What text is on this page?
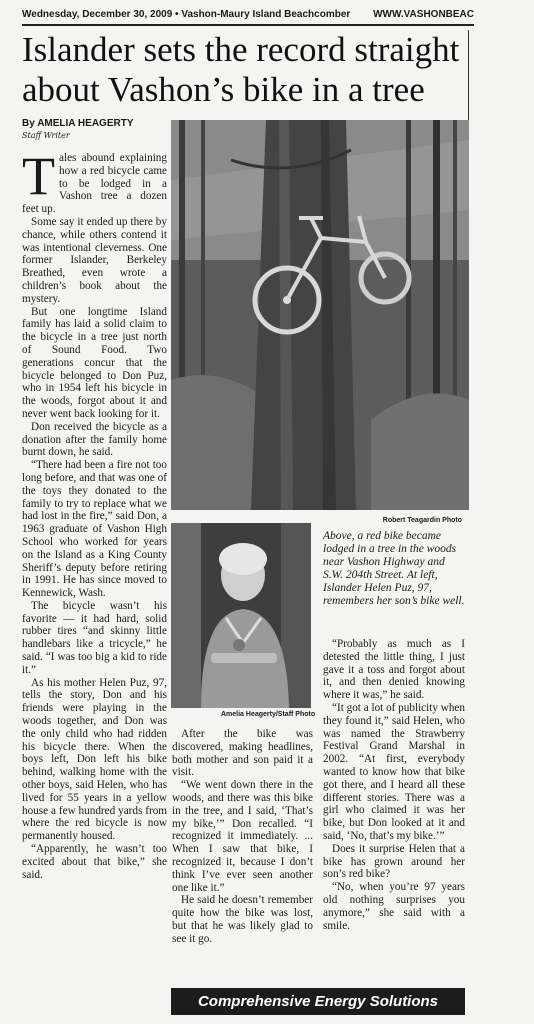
Wednesday, December 30, 2009 • Vashon-Maury Island Beachcomber WWW.VASHONBEAC
Islander sets the record straight about Vashon’s bike in a tree
By AMELIA HEAGERTY
Staff Writer
Robert Teagardin Photo
Amelia Heagerty/Staff Photo
Above, a red bike became lodged in a tree in the woods near Vashon Highway and S.W. 204th Street. At left, Islander Helen Puz, 97, remembers her son’s bike well.

Tales abound explaining how a red bicycle came to be lodged in a Vashon tree a dozen feet up.

Some say it ended up there by chance, while others contend it was intentional cleverness. One former Islander, Berkeley Breathed, even wrote a children’s book about the mystery.

But one longtime Island family has laid a solid claim to the bicycle in a tree just north of Sound Food. Two generations concur that the bicycle belonged to Don Puz, who in 1954 left his bicycle in the woods, forgot about it and never went back looking for it.

Don received the bicycle as a donation after the family home burnt down, he said.

“There had been a fire not too long before, and that was one of the toys they donated to the family to try to replace what we had lost in the fire,” said Don, a 1963 graduate of Vashon High School who worked for years on the Island as a King County Sheriff’s deputy before retiring in 1991. He has since moved to Kennewick, Wash.

The bicycle wasn’t his favorite — it had hard, solid rubber tires “and skinny little handlebars like a tricycle,” he said. “I was too big a kid to ride it.”

As his mother Helen Puz, 97, tells the story, Don and his friends were playing in the woods together, and Don was the only child who had ridden his bicycle there. When the boys left, Don left his bike behind, walking home with the other boys, said Helen, who has lived for 55 years in a yellow house a few hundred yards from where the red bicycle is now permanently housed.

“Apparently, he wasn’t too excited about that bike,” she said.

After the bike was discovered, making headlines, both mother and son paid it a visit.

“We went down there in the woods, and there was this bike in the tree, and I said, ‘That’s my bike,’” Don recalled. “I recognized it immediately. ... When I saw that bike, I recognized it, because I don’t think I’ve ever seen another one like it.”

He said he doesn’t remember quite how the bike was lost, but that he was likely glad to see it go.

“Probably as much as I detested the little thing, I just gave it a toss and forgot about it, and then denied knowing where it was,” he said.

“It got a lot of publicity when they found it,” said Helen, who was named the Strawberry Festival Grand Marshal in 2002. “At first, everybody wanted to know how that bike got there, and I heard all these different stories. There was a girl who claimed it was her bike, but Don looked at it and said, ‘No, that’s my bike.’”

Does it surprise Helen that a bike has grown around her son’s red bike?

“No, when you’re 97 years old nothing surprises you anymore,” she said with a smile.

Comprehensive Energy Solutions
